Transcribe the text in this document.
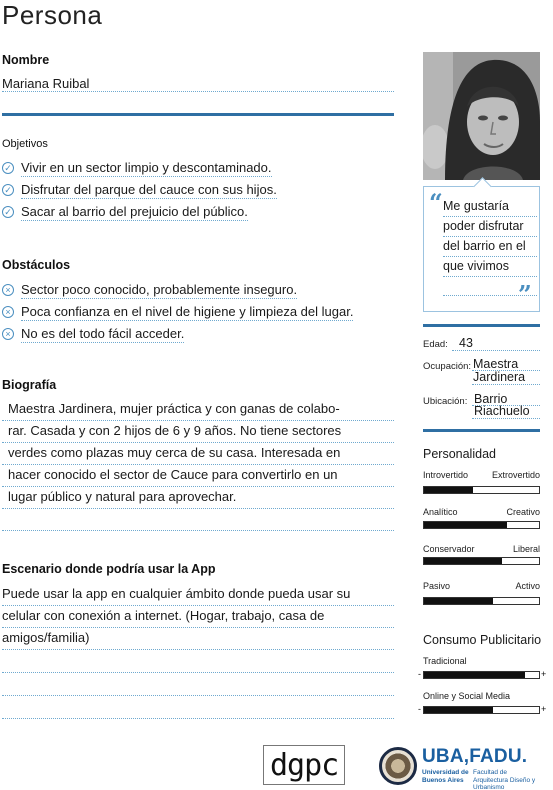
Persona
Nombre
Mariana Ruibal
Objetivos
✓ Vivir en un sector limpio y descontaminado.
✓ Disfrutar del parque del cauce con sus hijos.
✓ Sacar al barrio del prejuicio del público.
Obstáculos
× Sector poco conocido, probablemente inseguro.
× Poca confianza en el nivel de higiene y limpieza del lugar.
× No es del todo fácil acceder.
Biografía
Maestra Jardinera, mujer práctica y con ganas de colabo-
rar. Casada y con 2 hijos de 6 y 9 años. No tiene sectores
verdes como plazas muy cerca de su casa. Interesada en
hacer conocido el sector de Cauce para convertirlo en un
lugar público y natural para aprovechar.
Escenario donde podría usar la App
Puede usar la app en cualquier ámbito donde pueda usar su
celular con conexión a internet. (Hogar, trabajo, casa de
amigos/familia)
“ Me gustaría
poder disfrutar
del barrio en el
que vivimos
”
Edad: 43
Ocupación: Maestra
Jardinera
Ubicación: Barrio
Riachuelo
Personalidad
Introvertido	Extrovertido
Analítico	Creativo
Conservador	Liberal
Pasivo	Activo
Consumo Publicitario
Tradicional
-	+
Online y Social Media
-	+
dgpc	UBA,FADU.
Universidad de Buenos Aires
Facultad de Arquitectura Diseño y Urbanismo
